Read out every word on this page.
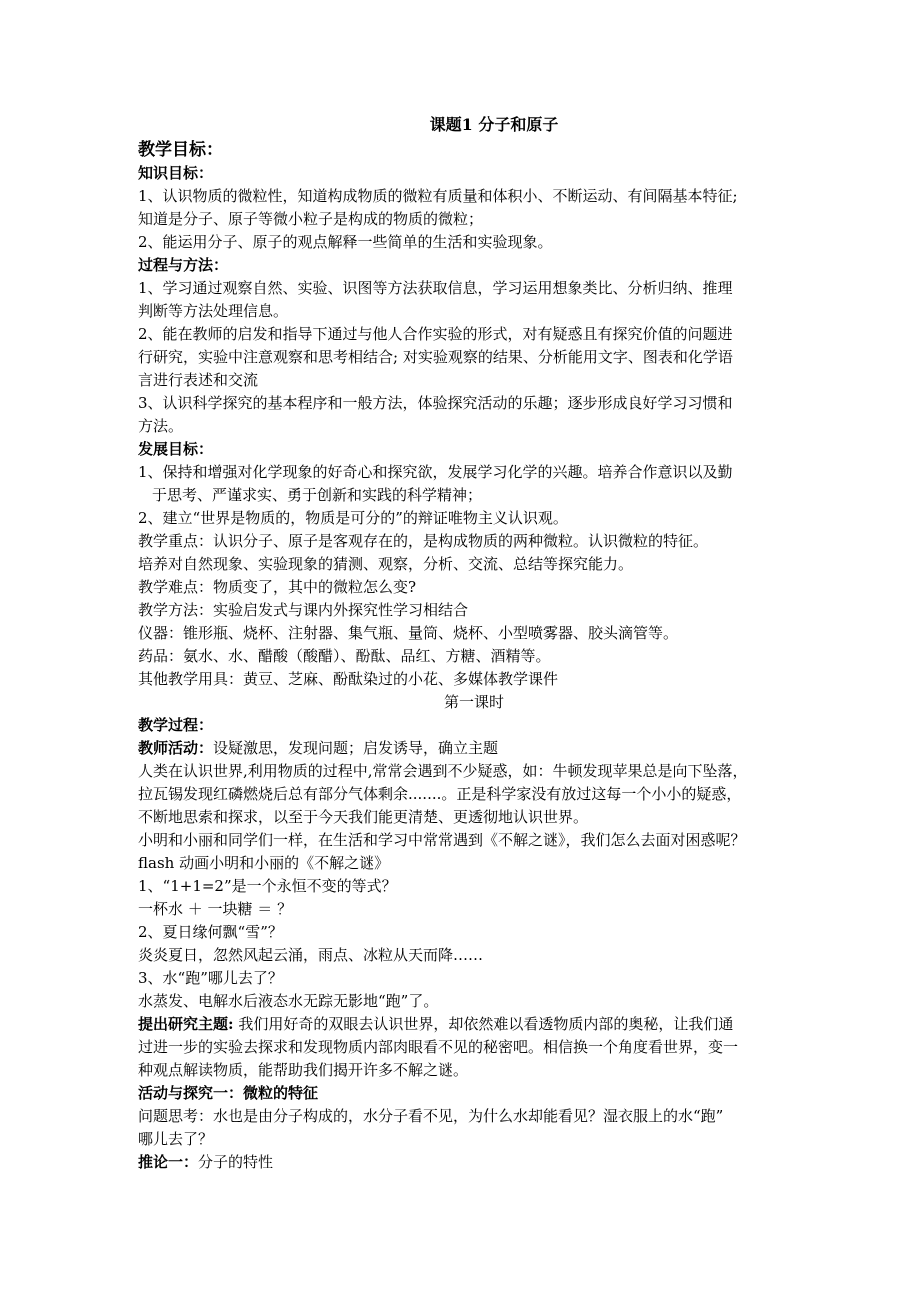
课题1 分子和原子

教学目标：

知识目标：

1、认识物质的微粒性，知道构成物质的微粒有质量和体积小、不断运动、有间隔基本特征;

知道是分子、原子等微小粒子是构成的物质的微粒；

2、能运用分子、原子的观点解释一些简单的生活和实验现象。

过程与方法：

1、学习通过观察自然、实验、识图等方法获取信息，学习运用想象类比、分析归纳、推理

判断等方法处理信息。

2、能在教师的启发和指导下通过与他人合作实验的形式，对有疑惑且有探究价值的问题进

行研究，实验中注意观察和思考相结合; 对实验观察的结果、分析能用文字、图表和化学语

言进行表述和交流

3、认识科学探究的基本程序和一般方法，体验探究活动的乐趣；逐步形成良好学习习惯和

方法。

发展目标：

1、保持和增强对化学现象的好奇心和探究欲，发展学习化学的兴趣。培养合作意识以及勤

于思考、严谨求实、勇于创新和实践的科学精神；

2、建立“世界是物质的，物质是可分的”的辩证唯物主义认识观。

教学重点：认识分子、原子是客观存在的，是构成物质的两种微粒。认识微粒的特征。

培养对自然现象、实验现象的猜测、观察，分析、交流、总结等探究能力。

教学难点：物质变了，其中的微粒怎么变?

教学方法：实验启发式与课内外探究性学习相结合

仪器：锥形瓶、烧杯、注射器、集气瓶、量筒、烧杯、小型喷雾器、胶头滴管等。

药品：氨水、水、醋酸（酸醋）、酚酞、品红、方糖、酒精等。

其他教学用具：黄豆、芝麻、酚酞染过的小花、多媒体教学课件

第一课时

教学过程：

教师活动：设疑激思，发现问题；启发诱导，确立主题

人类在认识世界,利用物质的过程中,常常会遇到不少疑惑，如：牛顿发现苹果总是向下坠落，

拉瓦锡发现红磷燃烧后总有部分气体剩余.......。正是科学家没有放过这每一个小小的疑惑，

不断地思索和探求，以至于今天我们能更清楚、更透彻地认识世界。

小明和小丽和同学们一样，在生活和学习中常常遇到《不解之谜》，我们怎么去面对困惑呢？

flash 动画小明和小丽的《不解之谜》

1、“1+1=2”是一个永恒不变的等式？

一杯水 ＋ 一块糖 ＝ ？

2、夏日缘何飘“雪”？

炎炎夏日，忽然风起云涌，雨点、冰粒从天而降……

3、水“跑”哪儿去了？

水蒸发、电解水后液态水无踪无影地“跑”了。

提出研究主题: 我们用好奇的双眼去认识世界，却依然难以看透物质内部的奥秘，让我们通

过进一步的实验去探求和发现物质内部肉眼看不见的秘密吧。相信换一个角度看世界，变一

种观点解读物质，能帮助我们揭开许多不解之谜。

活动与探究一：微粒的特征

问题思考：水也是由分子构成的，水分子看不见，为什么水却能看见？湿衣服上的水“跑”

哪儿去了？

推论一：分子的特性
